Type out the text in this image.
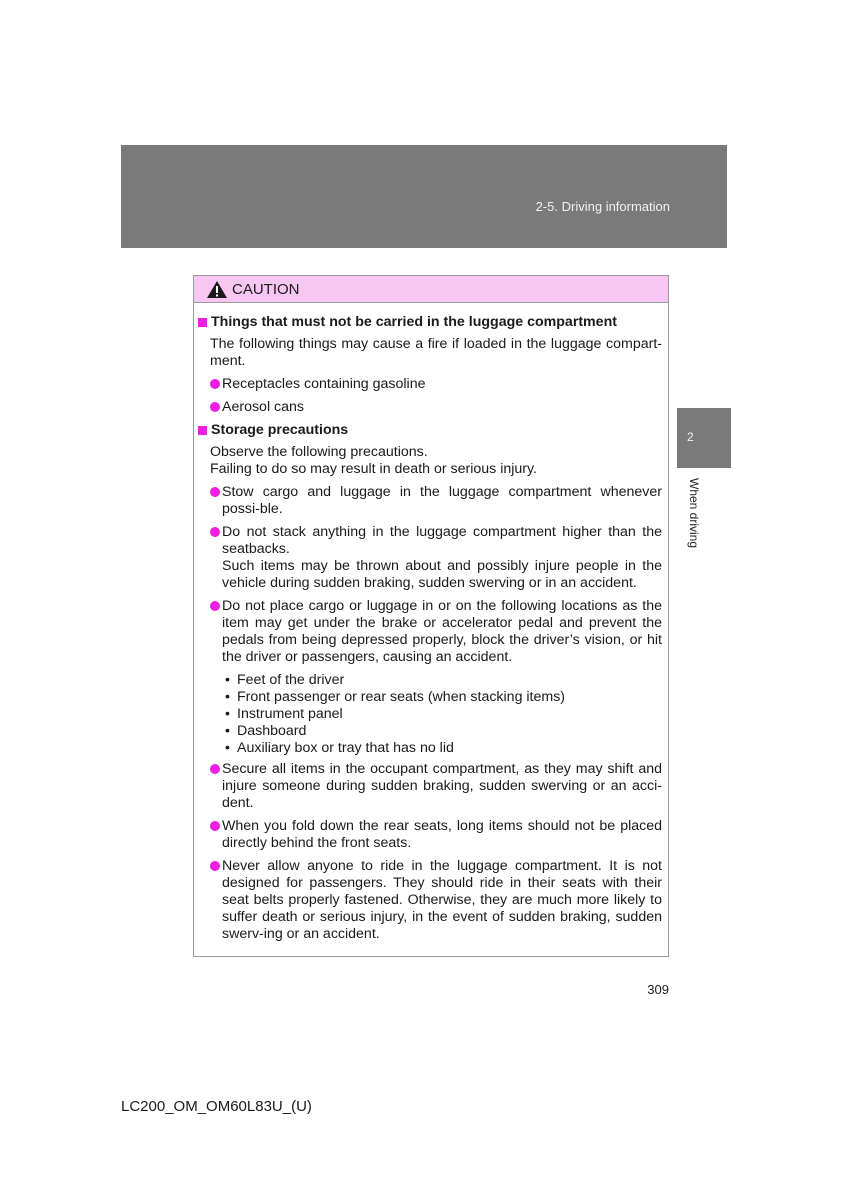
2-5. Driving information
2
When driving
CAUTION
Things that must not be carried in the luggage compartment
The following things may cause a fire if loaded in the luggage compart-ment.
Receptacles containing gasoline
Aerosol cans
Storage precautions
Observe the following precautions.
Failing to do so may result in death or serious injury.
Stow cargo and luggage in the luggage compartment whenever possi-ble.
Do not stack anything in the luggage compartment higher than the seatbacks.
Such items may be thrown about and possibly injure people in the vehicle during sudden braking, sudden swerving or in an accident.
Do not place cargo or luggage in or on the following locations as the item may get under the brake or accelerator pedal and prevent the pedals from being depressed properly, block the driver’s vision, or hit the driver or passengers, causing an accident.
• Feet of the driver
• Front passenger or rear seats (when stacking items)
• Instrument panel
• Dashboard
• Auxiliary box or tray that has no lid
Secure all items in the occupant compartment, as they may shift and injure someone during sudden braking, sudden swerving or an acci-dent.
When you fold down the rear seats, long items should not be placed directly behind the front seats.
Never allow anyone to ride in the luggage compartment. It is not designed for passengers. They should ride in their seats with their seat belts properly fastened. Otherwise, they are much more likely to suffer death or serious injury, in the event of sudden braking, sudden swerv-ing or an accident.
309
LC200_OM_OM60L83U_(U)
